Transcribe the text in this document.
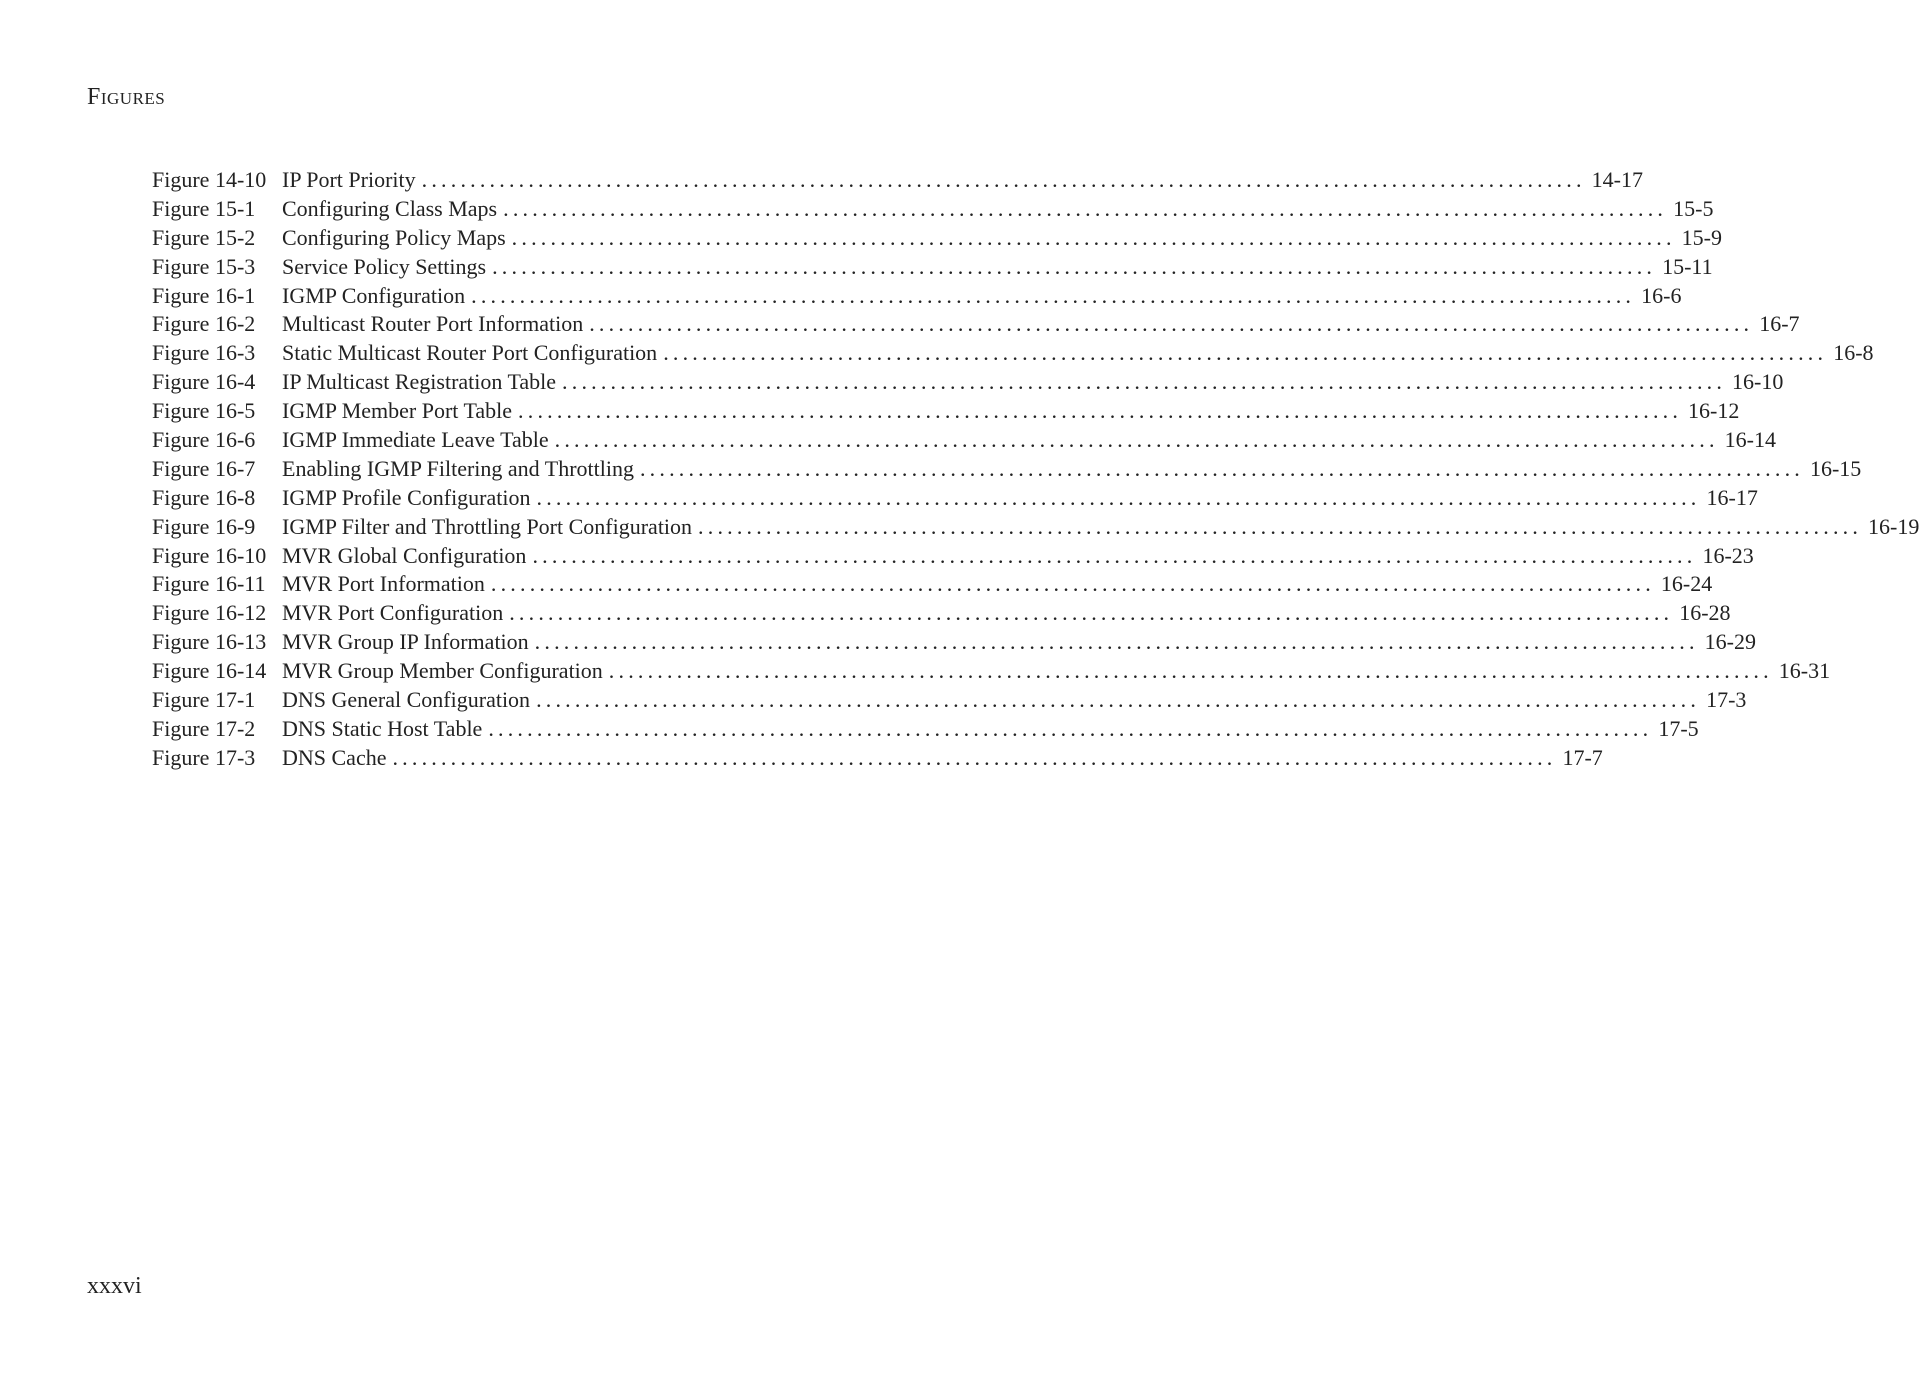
FIGURES
Figure 14-10 IP Port Priority ........................................................................................................................ 14-17
Figure 15-1	Configuring Class Maps ........................................................................................................................ 15-5
Figure 15-2	Configuring Policy Maps ........................................................................................................................ 15-9
Figure 15-3	Service Policy Settings ........................................................................................................................ 15-11
Figure 16-1	IGMP Configuration ........................................................................................................................ 16-6
Figure 16-2	Multicast Router Port Information ........................................................................................................................ 16-7
Figure 16-3	Static Multicast Router Port Configuration ........................................................................................................................ 16-8
Figure 16-4	IP Multicast Registration Table ........................................................................................................................ 16-10
Figure 16-5	IGMP Member Port Table ........................................................................................................................ 16-12
Figure 16-6	IGMP Immediate Leave Table ........................................................................................................................ 16-14
Figure 16-7	Enabling IGMP Filtering and Throttling ........................................................................................................................ 16-15
Figure 16-8	IGMP Profile Configuration ........................................................................................................................ 16-17
Figure 16-9	IGMP Filter and Throttling Port Configuration ........................................................................................................................ 16-19
Figure 16-10 MVR Global Configuration ........................................................................................................................ 16-23
Figure 16-11 MVR Port Information ........................................................................................................................ 16-24
Figure 16-12 MVR Port Configuration ........................................................................................................................ 16-28
Figure 16-13 MVR Group IP Information ........................................................................................................................ 16-29
Figure 16-14 MVR Group Member Configuration ........................................................................................................................ 16-31
Figure 17-1	DNS General Configuration ........................................................................................................................ 17-3
Figure 17-2	DNS Static Host Table ........................................................................................................................ 17-5
Figure 17-3	DNS Cache ........................................................................................................................ 17-7
xxxvi
